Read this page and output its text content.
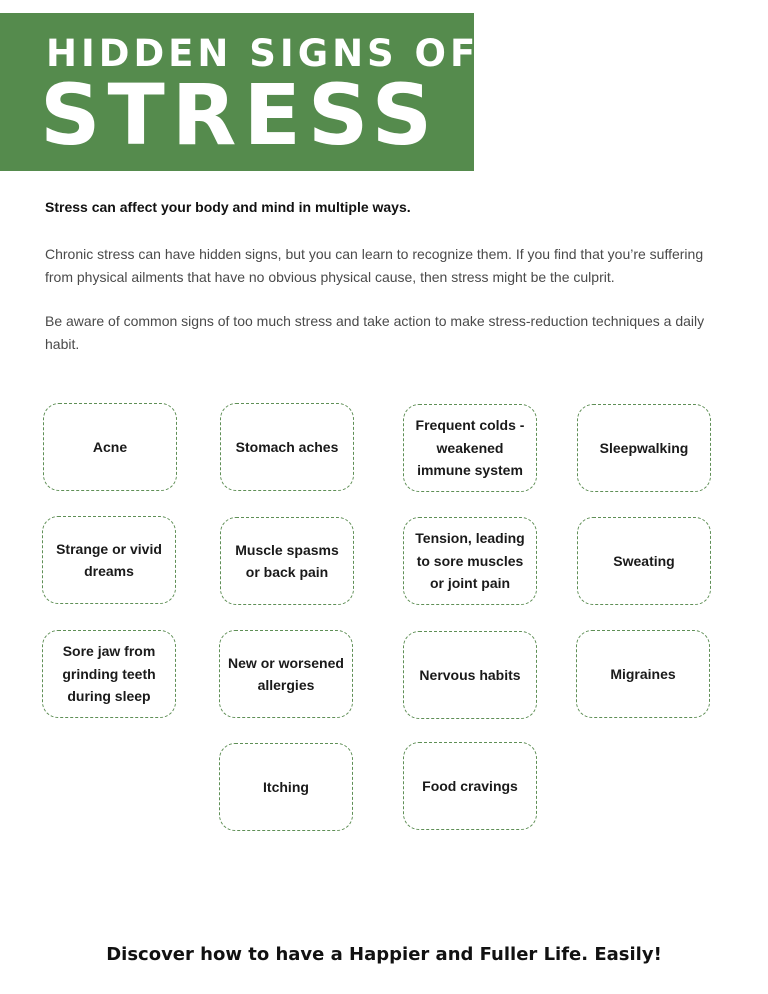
HIDDEN SIGNS OF
STRESS
Stress can affect your body and mind in multiple ways.
Chronic stress can have hidden signs, but you can learn to recognize them. If you find that you’re suffering from physical ailments that have no obvious physical cause, then stress might be the culprit.
Be aware of common signs of too much stress and take action to make stress-reduction techniques a daily habit.
Acne	Stomach aches
Frequent colds - weakened immune system
Sleepwalking
Strange or vivid dreams
Muscle spasms or back pain
Tension, leading to sore muscles or joint pain
Sweating
Sore jaw from grinding teeth during sleep
New or worsened allergies
Nervous habits	Migraines
Itching	Food cravings
Discover how to have a Happier and Fuller Life. Easily!
